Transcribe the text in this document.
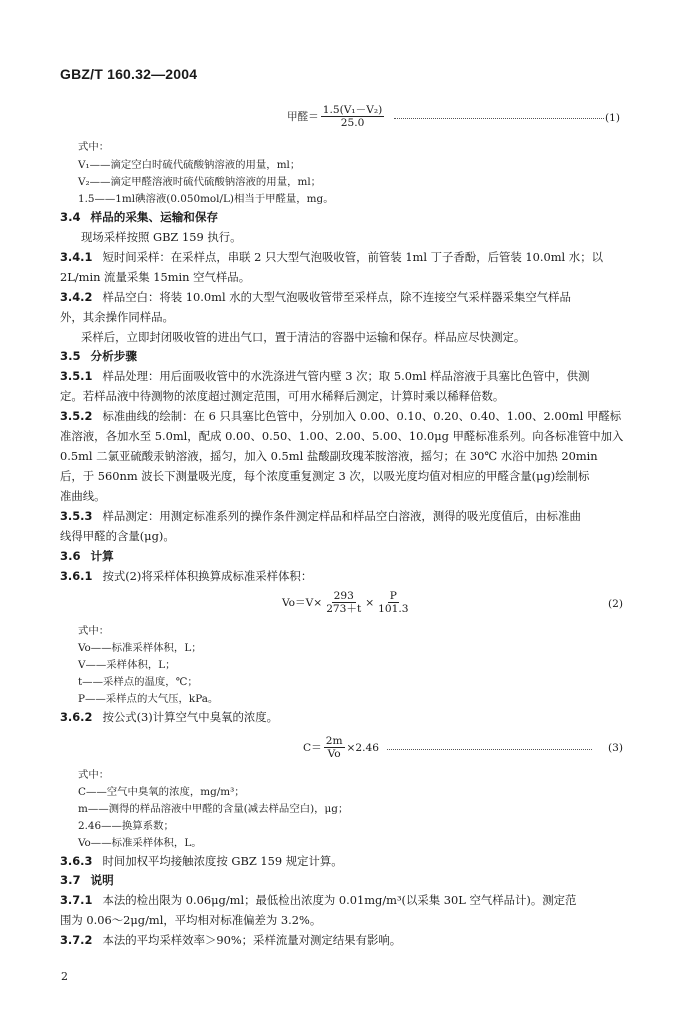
GBZ/T 160.32—2004
甲醛＝ $\frac{\text{1.5(V₁－V₂)}}{25.0}$	(1)
式中：
V₁——滴定空白时硫代硫酸钠溶液的用量，ml；
V₂——滴定甲醛溶液时硫代硫酸钠溶液的用量，ml；
1.5——1ml碘溶液(0.050mol/L)相当于甲醛量，mg。
3.4 样品的采集、运输和保存
现场采样按照 GBZ 159 执行。
3.4.1 短时间采样：在采样点，串联 2 只大型气泡吸收管，前管装 1ml 丁子香酚，后管装 10.0ml 水；以
2L/min 流量采集 15min 空气样品。
3.4.2 样品空白：将装 10.0ml 水的大型气泡吸收管带至采样点，除不连接空气采样器采集空气样品
外，其余操作同样品。
采样后，立即封闭吸收管的进出气口，置于清洁的容器中运输和保存。样品应尽快测定。
3.5 分析步骤
3.5.1 样品处理：用后面吸收管中的水洗涤进气管内壁 3 次；取 5.0ml 样品溶液于具塞比色管中，供测
定。若样品液中待测物的浓度超过测定范围，可用水稀释后测定，计算时乘以稀释倍数。
3.5.2 标准曲线的绘制：在 6 只具塞比色管中，分别加入 0.00、0.10、0.20、0.40、1.00、2.00ml 甲醛标
准溶液，各加水至 5.0ml，配成 0.00、0.50、1.00、2.00、5.00、10.0μg 甲醛标准系列。向各标准管中加入
0.5ml 二氯亚硫酸汞钠溶液，摇匀，加入 0.5ml 盐酸副玫瑰苯胺溶液，摇匀；在 30℃ 水浴中加热 20min
后，于 560nm 波长下测量吸光度，每个浓度重复测定 3 次，以吸光度均值对相应的甲醛含量(μg)绘制标
准曲线。
3.5.3 样品测定：用测定标准系列的操作条件测定样品和样品空白溶液，测得的吸光度值后，由标准曲
线得甲醛的含量(μg)。
3.6 计算
3.6.1 按式(2)将采样体积换算成标准采样体积：
$Vo=V\times \frac{293}{273+t} \times \frac{P}{101.3}$	(2)
式中：
Vo——标准采样体积，L；
V——采样体积，L；
t——采样点的温度，℃；
P——采样点的大气压，kPa。
3.6.2 按公式(3)计算空气中臭氧的浓度。
$C= \frac{2m}{Vo} \times 2.46$	(3)
式中：
C——空气中臭氧的浓度，mg/m³；
m——测得的样品溶液中甲醛的含量(减去样品空白)，μg；
2.46——换算系数；
Vo——标准采样体积，L。
3.6.3 时间加权平均接触浓度按 GBZ 159 规定计算。
3.7 说明
3.7.1 本法的检出限为 0.06μg/ml；最低检出浓度为 0.01mg/m³(以采集 30L 空气样品计)。测定范
围为 0.06～2μg/ml，平均相对标准偏差为 3.2%。
3.7.2 本法的平均采样效率＞90%；采样流量对测定结果有影响。
2
